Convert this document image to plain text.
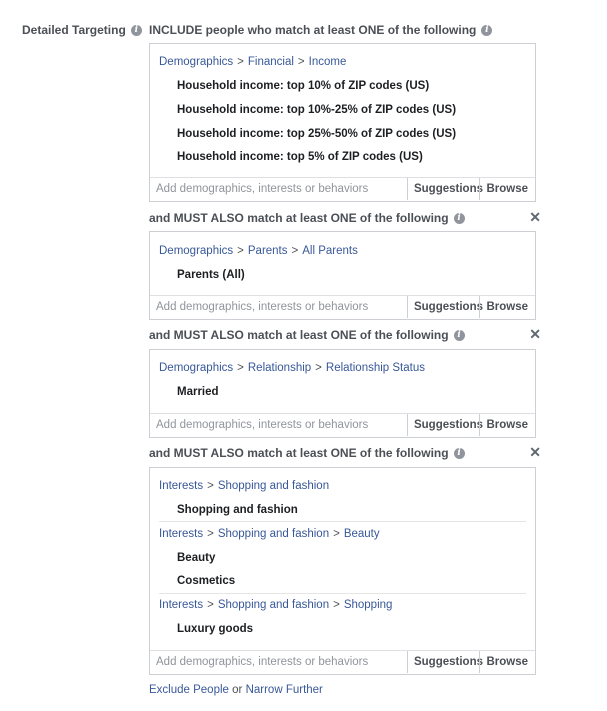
Detailed Targeting i INCLUDE people who match at least ONE of the following i
Demographics > Financial > Income
Household income: top 10% of ZIP codes (US)
Household income: top 10%-25% of ZIP codes (US)
Household income: top 25%-50% of ZIP codes (US)
Household income: top 5% of ZIP codes (US)
Add demographics, interests or behaviors
Suggestions Browse
and MUST ALSO match at least ONE of the following i	✕
Demographics > Parents > All Parents
Parents (All)
Add demographics, interests or behaviors
Suggestions Browse
and MUST ALSO match at least ONE of the following i	✕
Demographics > Relationship > Relationship Status
Married
Add demographics, interests or behaviors
Suggestions Browse
and MUST ALSO match at least ONE of the following i	✕
Interests > Shopping and fashion
Shopping and fashion
Interests > Shopping and fashion > Beauty
Beauty
Cosmetics
Interests > Shopping and fashion > Shopping
Luxury goods
Add demographics, interests or behaviors
Suggestions Browse
Exclude People or Narrow Further
